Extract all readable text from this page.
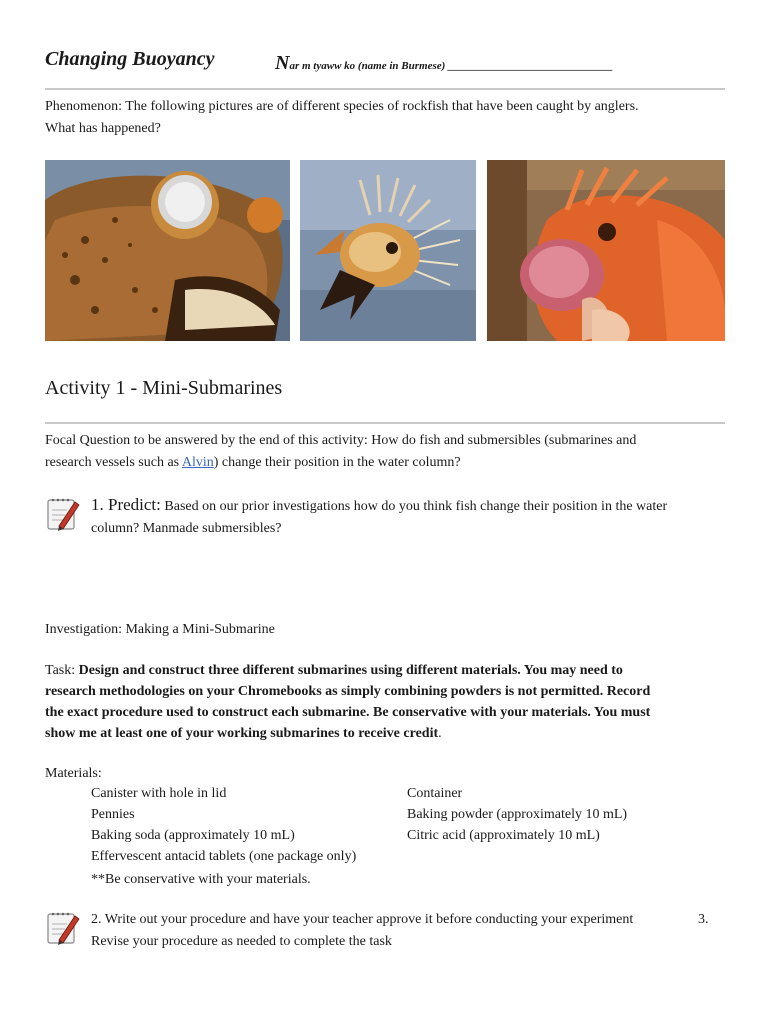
Changing Buoyancy	Nar m tyaww ko (name in Burmese) ______________________________
Phenomenon: The following pictures are of different species of rockfish that have been caught by anglers.
What has happened?
Activity 1 - Mini-Submarines
Focal Question to be answered by the end of this activity: How do fish and submersibles (submarines and
research vessels such as Alvin) change their position in the water column?
1. Predict: Based on our prior investigations how do you think fish change their position in the water
column? Manmade submersibles?
Investigation: Making a Mini-Submarine
Task: Design and construct three different submarines using different materials. You may need to
research methodologies on your Chromebooks as simply combining powders is not permitted. Record
the exact procedure used to construct each submarine. Be conservative with your materials. You must
show me at least one of your working submarines to receive credit.
Materials:
Canister with hole in lid
Pennies
Baking soda (approximately 10 mL)
Effervescent antacid tablets (one package only)
Container
Baking powder (approximately 10 mL)
Citric acid (approximately 10 mL)
**Be conservative with your materials.
2. Write out your procedure and have your teacher approve it before conducting your experiment
Revise your procedure as needed to complete the task
3.
